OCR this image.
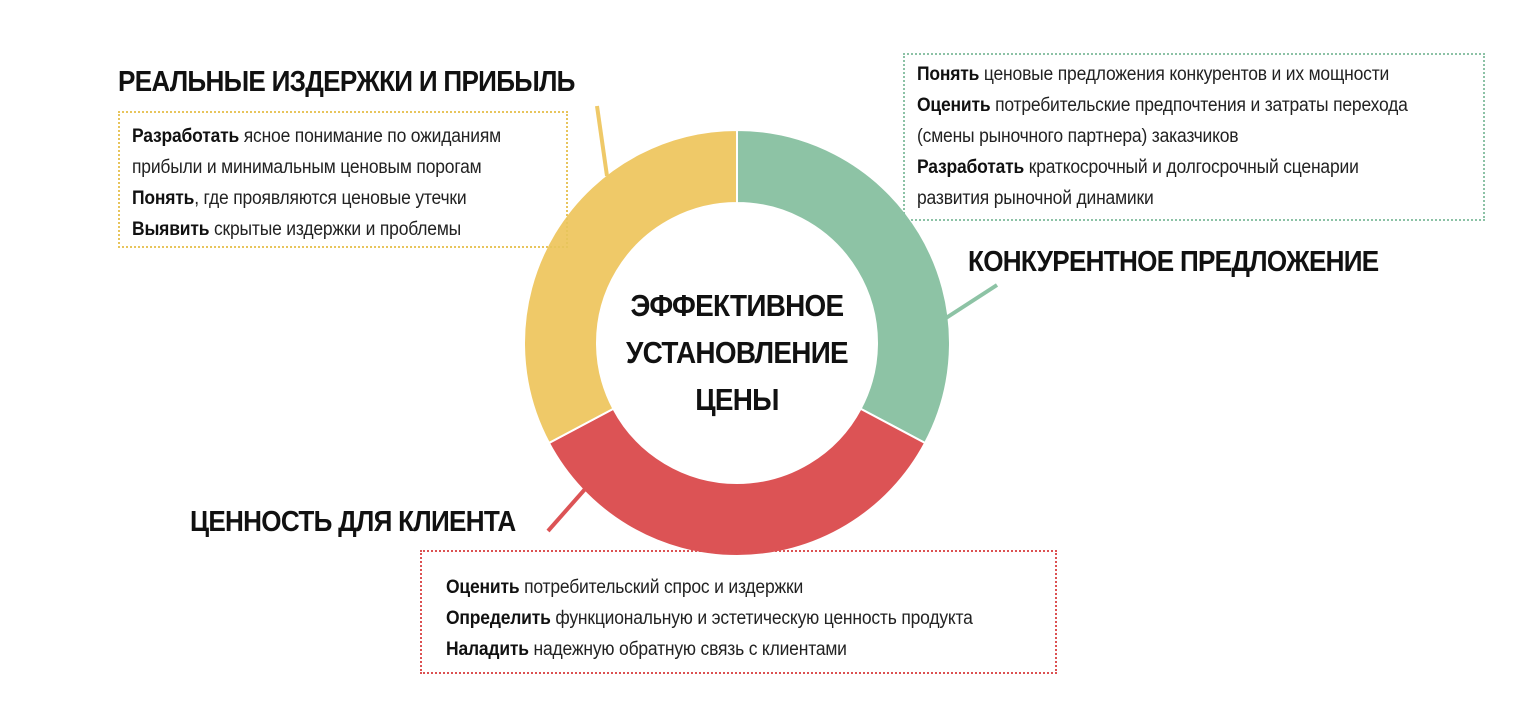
РЕАЛЬНЫЕ ИЗДЕРЖКИ И ПРИБЫЛЬ
КОНКУРЕНТНОЕ ПРЕДЛОЖЕНИЕ
ЦЕННОСТЬ ДЛЯ КЛИЕНТА
Разработать ясное понимание по ожиданиям
прибыли и минимальным ценовым порогам
Понять, где проявляются ценовые утечки
Выявить скрытые издержки и проблемы
Понять ценовые предложения конкурентов и их мощности
Оценить потребительские предпочтения и затраты перехода
(смены рыночного партнера) заказчиков
Разработать краткосрочный и долгосрочный сценарии
развития рыночной динамики
Оценить потребительский спрос и издержки
Определить функциональную и эстетическую ценность продукта
Наладить надежную обратную связь с клиентами
ЭФФЕКТИВНОЕ
УСТАНОВЛЕНИЕ
ЦЕНЫ
